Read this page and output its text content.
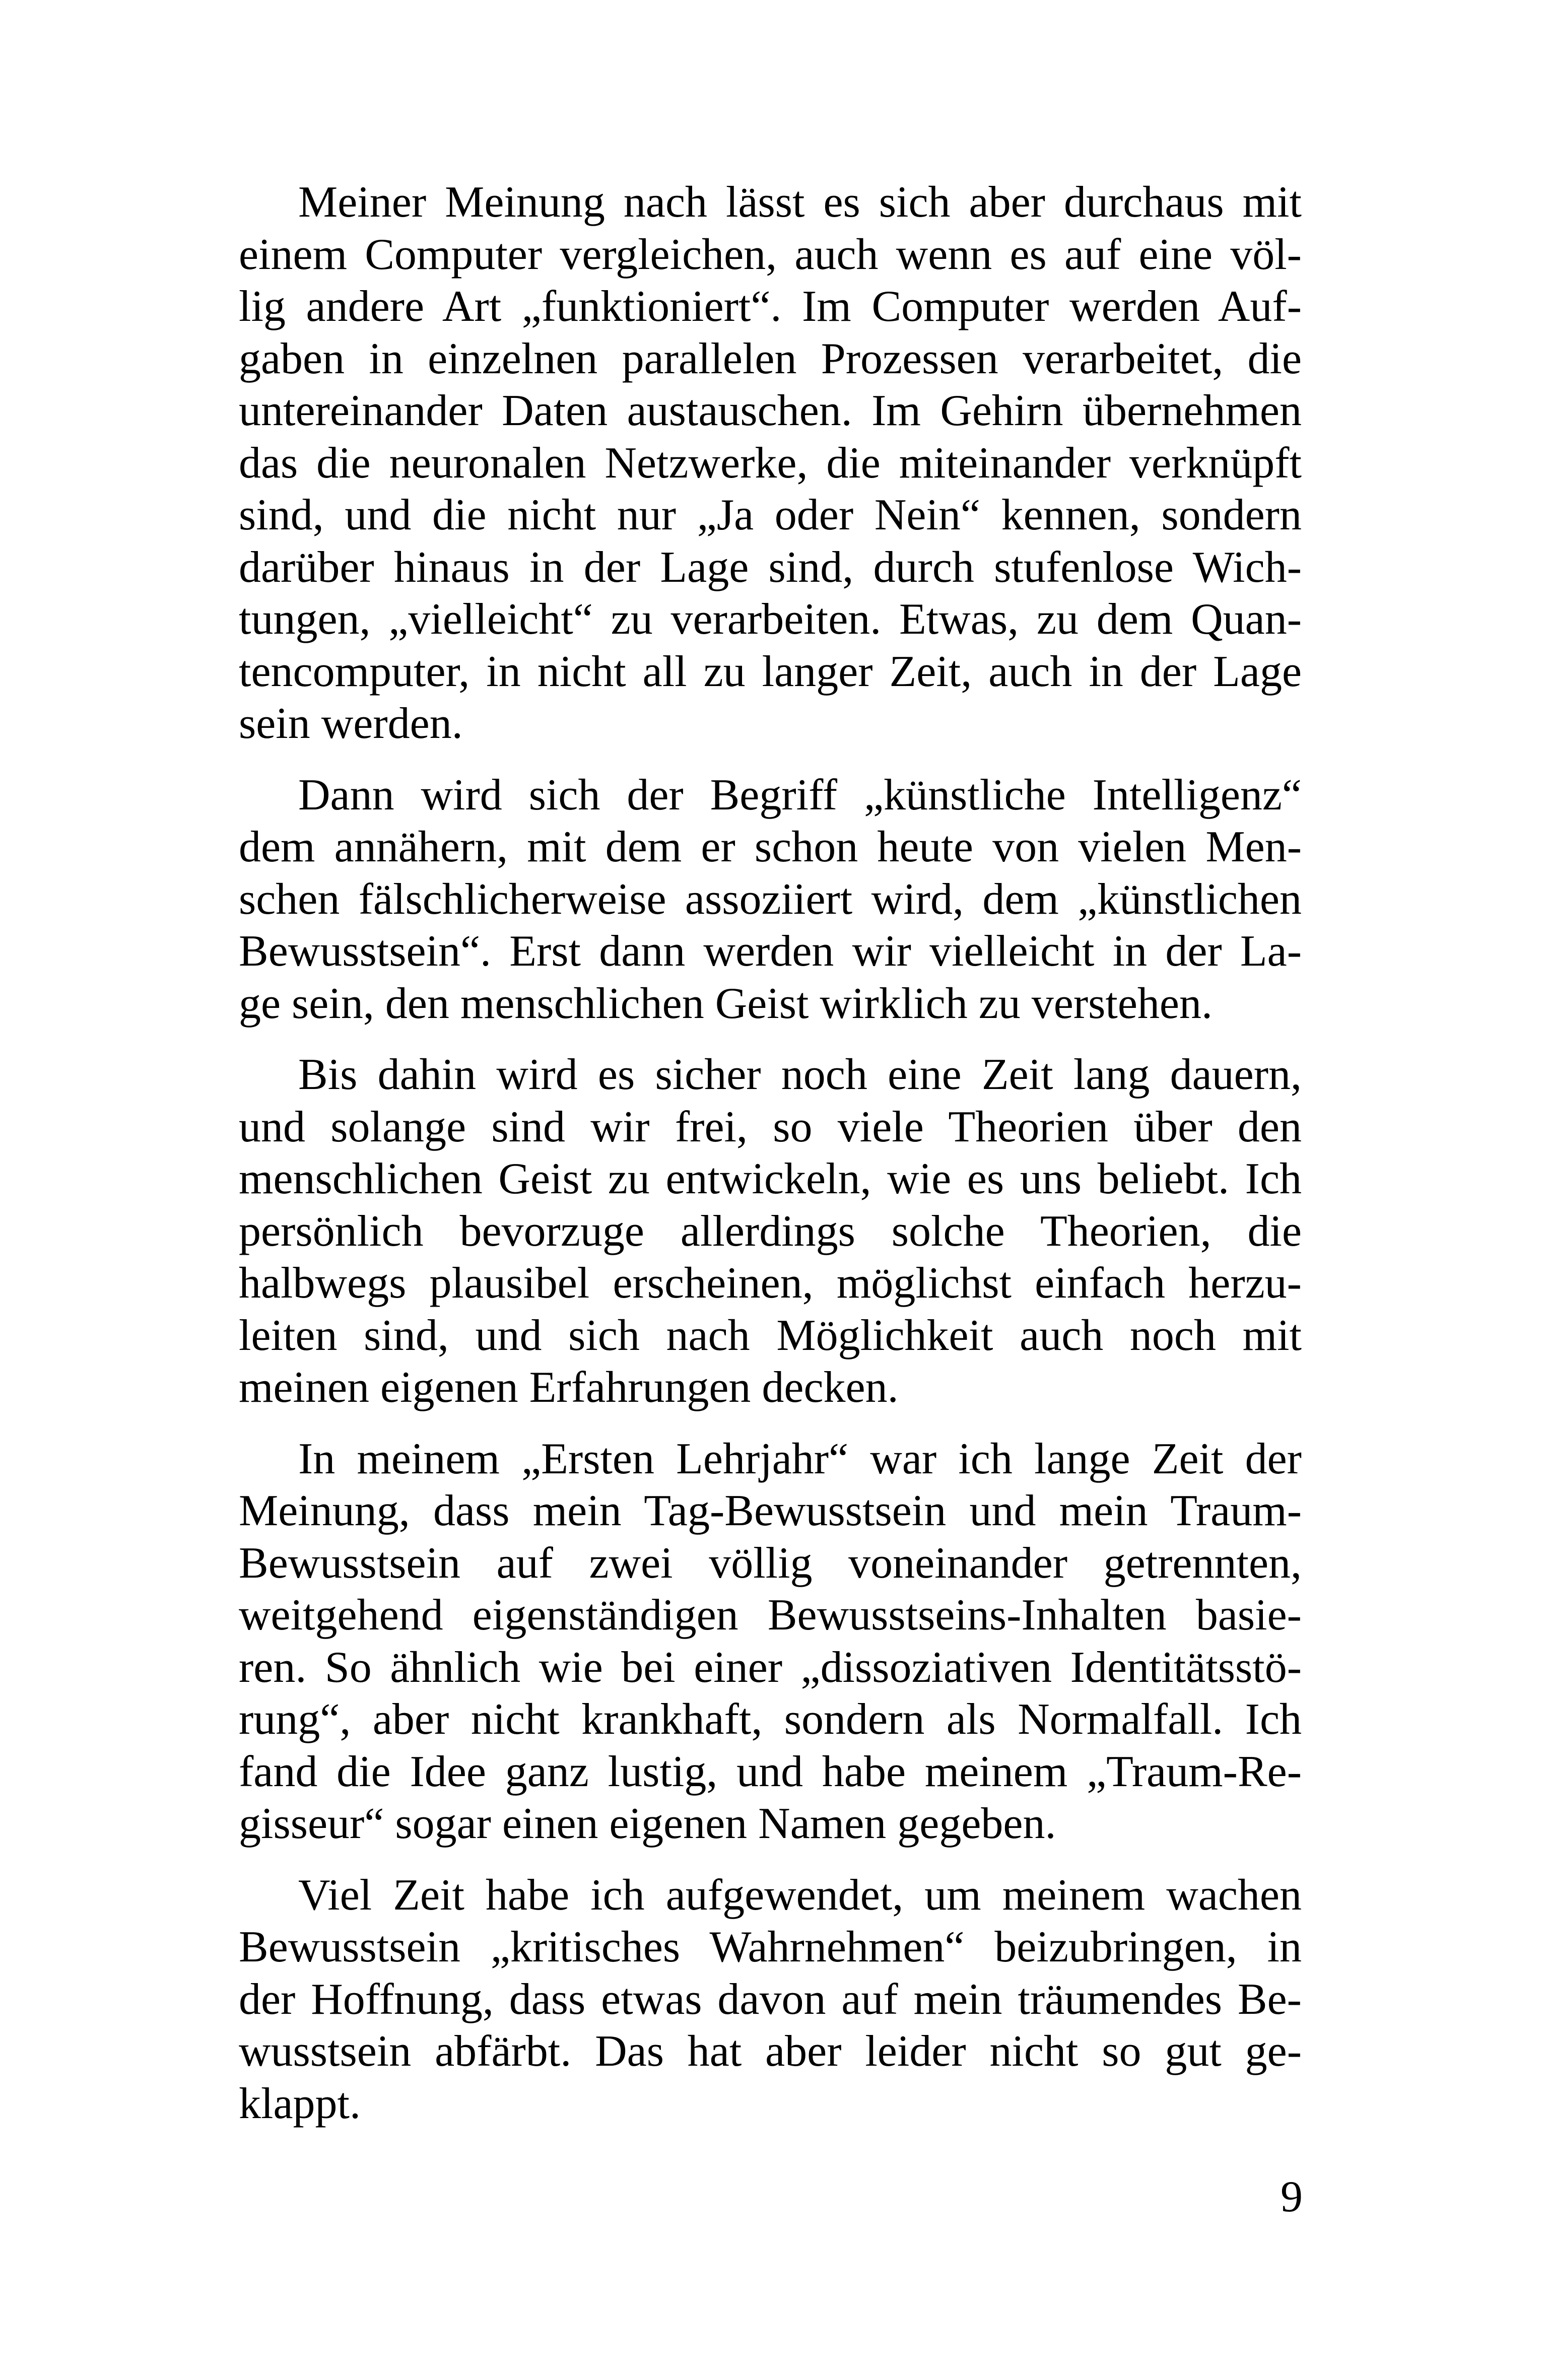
Meiner Meinung nach lässt es sich aber durchaus mit
einem Computer vergleichen, auch wenn es auf eine völ-
lig andere Art „funktioniert“. Im Computer werden Auf-
gaben in einzelnen parallelen Prozessen verarbeitet, die
untereinander Daten austauschen. Im Gehirn übernehmen
das die neuronalen Netzwerke, die miteinander verknüpft
sind, und die nicht nur „Ja oder Nein“ kennen, sondern
darüber hinaus in der Lage sind, durch stufenlose Wich-
tungen, „vielleicht“ zu verarbeiten. Etwas, zu dem Quan-
tencomputer, in nicht all zu langer Zeit, auch in der Lage
sein werden.
Dann wird sich der Begriff „künstliche Intelligenz“
dem annähern, mit dem er schon heute von vielen Men-
schen fälschlicherweise assoziiert wird, dem „künstlichen
Bewusstsein“. Erst dann werden wir vielleicht in der La-
ge sein, den menschlichen Geist wirklich zu verstehen.
Bis dahin wird es sicher noch eine Zeit lang dauern,
und solange sind wir frei, so viele Theorien über den
menschlichen Geist zu entwickeln, wie es uns beliebt. Ich
persönlich bevorzuge allerdings solche Theorien, die
halbwegs plausibel erscheinen, möglichst einfach herzu-
leiten sind, und sich nach Möglichkeit auch noch mit
meinen eigenen Erfahrungen decken.
In meinem „Ersten Lehrjahr“ war ich lange Zeit der
Meinung, dass mein Tag-Bewusstsein und mein Traum-
Bewusstsein auf zwei völlig voneinander getrennten,
weitgehend eigenständigen Bewusstseins-Inhalten basie-
ren. So ähnlich wie bei einer „dissoziativen Identitätsstö-
rung“, aber nicht krankhaft, sondern als Normalfall. Ich
fand die Idee ganz lustig, und habe meinem „Traum-Re-
gisseur“ sogar einen eigenen Namen gegeben.
Viel Zeit habe ich aufgewendet, um meinem wachen
Bewusstsein „kritisches Wahrnehmen“ beizubringen, in
der Hoffnung, dass etwas davon auf mein träumendes Be-
wusstsein abfärbt. Das hat aber leider nicht so gut ge-
klappt.
9
